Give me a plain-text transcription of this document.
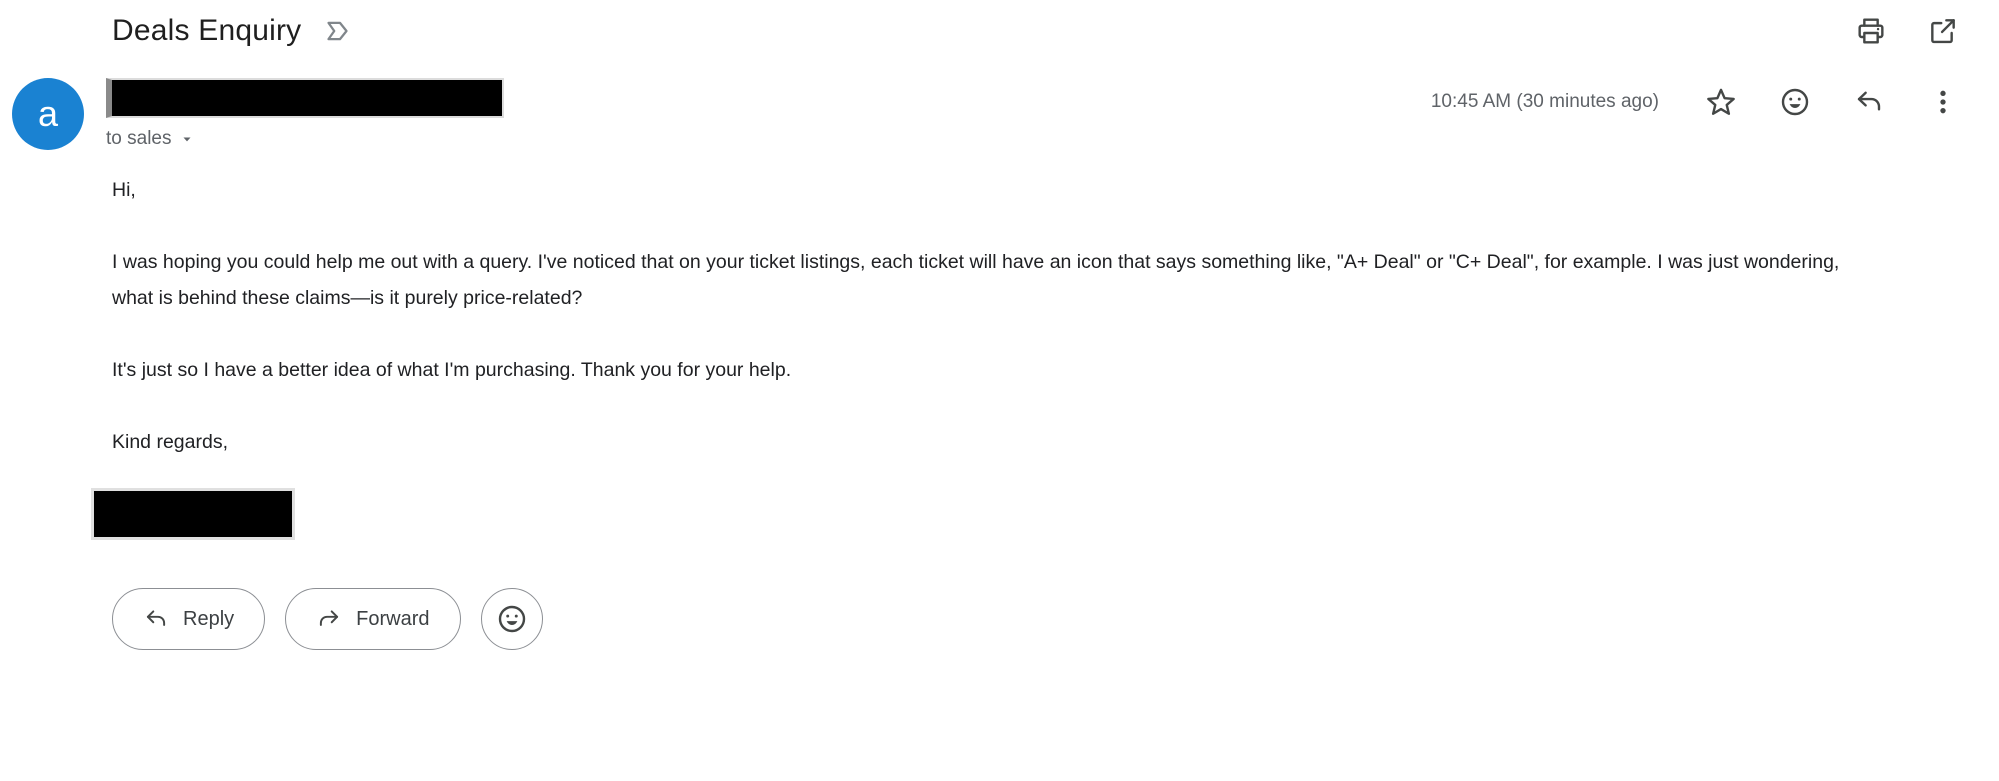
Deals Enquiry
a
to sales
10:45 AM (30 minutes ago)

Hi,

I was hoping you could help me out with a query. I've noticed that on your ticket listings, each ticket will have an icon that says something like, "A+ Deal" or "C+ Deal", for example. I was just wondering, what is behind these claims—is it purely price-related?

It's just so I have a better idea of what I'm purchasing. Thank you for your help.

Kind regards,

Reply	Forward
